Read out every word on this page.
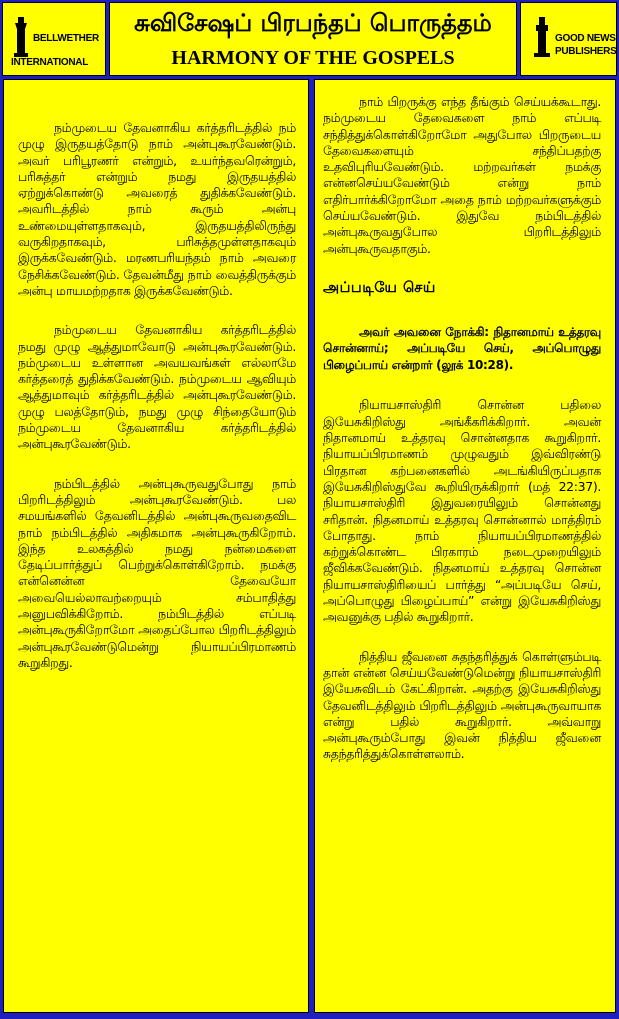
BELLWETHER
INTERNATIONAL
சுவிசேஷப் பிரபந்தப் பொருத்தம்
HARMONY OF THE GOSPELS
GOOD NEWS
PUBLISHERS

நம்முடைய தேவனாகிய கர்த்தரிடத்தில் நம் முழு இருதயத்தோடு நாம் அன்புகூரவேண்டும். அவர் பரிபூரணர் என்றும், உயர்ந்தவரென்றும், பரிசுத்தர் என்றும் நமது இருதயத்தில் ஏற்றுக்கொண்டு அவரைத் துதிக்கவேண்டும். அவரிடத்தில் நாம் கூரும் அன்பு உண்மையுள்ளதாகவும், இருதயத்திலிருந்து வருகிறதாகவும், பரிசுத்தமுள்ளதாகவும் இருக்கவேண்டும். மரணபரியந்தம் நாம் அவரை நேசிக்கவேண்டும். தேவன்மீது நாம் வைத்திருக்கும் அன்பு மாயமற்றதாக இருக்கவேண்டும்.

நம்முடைய தேவனாகிய கர்த்தரிடத்தில் நமது முழு ஆத்துமாவோடு அன்புகூரவேண்டும். நம்முடைய உள்ளான அவயவங்கள் எல்லாமே கர்த்தரைத் துதிக்கவேண்டும். நம்முடைய ஆவியும் ஆத்துமாவும் கர்த்தரிடத்தில் அன்புகூரவேண்டும். முழு பலத்தோடும், நமது முழு சிந்தையோடும் நம்முடைய தேவனாகிய கர்த்தரிடத்தில் அன்புகூரவேண்டும்.

நம்பிடத்தில் அன்புகூருவதுபோது நாம் பிறரிடத்திலும் அன்புகூரவேண்டும். பல சமயங்களில் தேவனிடத்தில் அன்புகூருவதைவிட நாம் நம்பிடத்தில் அதிகமாக அன்புகூருகிறோம். இந்த உலகத்தில் நமது நன்மைகளை தேடிப்பார்த்துப் பெற்றுக்கொள்கிறோம். நமக்கு என்னென்ன தேவையோ அவையெல்லாவற்றையும் சம்பாதித்து அனுபவிக்கிறோம். நம்பிடத்தில் எப்படி அன்புகூருகிறோமோ அதைப்போல பிறரிடத்திலும் அன்புகூரவேண்டுமென்று நியாயப்பிரமாணம் கூறுகிறது.

நாம் பிறருக்கு எந்த தீங்கும் செய்யக்கூடாது. நம்முடைய தேவைகளை நாம் எப்படி சந்தித்துக்கொள்கிறோமோ அதுபோல பிறருடைய தேவைகளையும் சந்திப்பதற்கு உதவிபுரியவேண்டும். மற்றவர்கள் நமக்கு என்னசெய்யவேண்டும் என்று நாம் எதிர்பார்க்கிறோமோ அதை நாம் மற்றவர்களுக்கும் செய்யவேண்டும். இதுவே நம்பிடத்தில் அன்புகூருவதுபோல பிறரிடத்திலும் அன்புகூருவதாகும்.

அப்படியே செய்

அவர் அவனை நோக்கி: நிதானமாய் உத்தரவு சொன்னாய்; அப்படியே செய், அப்பொழுது பிழைப்பாய் என்றார் (லூக் 10:28).

நியாயசாஸ்திரி சொன்ன பதிலை இயேசுகிறிஸ்து அங்கீகரிக்கிறார். அவன் நிதானமாய் உத்தரவு சொன்னதாக கூறுகிறார். நியாயப்பிரமாணம் முழுவதும் இவ்விரண்டு பிரதான கற்பனைகளில் அடங்கியிருப்பதாக இயேசுகிறிஸ்துவே கூறியிருக்கிறார் (மத் 22:37). நியாயசாஸ்திரி இதுவரையிலும் சொன்னது சரிதான். நிதனமாய் உத்தரவு சொன்னால் மாத்திரம் போதாது. நாம் நியாயப்பிரமாணத்தில் கற்றுக்கொண்ட பிரகாரம் நடைமுறையிலும் ஜீவிக்கவேண்டும். நிதனமாய் உத்தரவு சொன்ன நியாயசாஸ்திரியைப் பார்த்து “அப்படியே செய், அப்பொழுது பிழைப்பாய்” என்று இயேசுகிறிஸ்து அவனுக்கு பதில் கூறுகிறார்.

நித்திய ஜீவனை சுதந்தரித்துக் கொள்ளும்படி தான் என்ன செய்யவேண்டுமென்று நியாயசாஸ்திரி இயேசுவிடம் கேட்கிறான். அதற்கு இயேசுகிறிஸ்து தேவனிடத்திலும் பிறரிடத்திலும் அன்புகூருவாயாக என்று பதில் கூறுகிறார். அவ்வாறு அன்புகூரும்போது இவன் நித்திய ஜீவனை சுதந்தரித்துக்கொள்ளலாம்.
